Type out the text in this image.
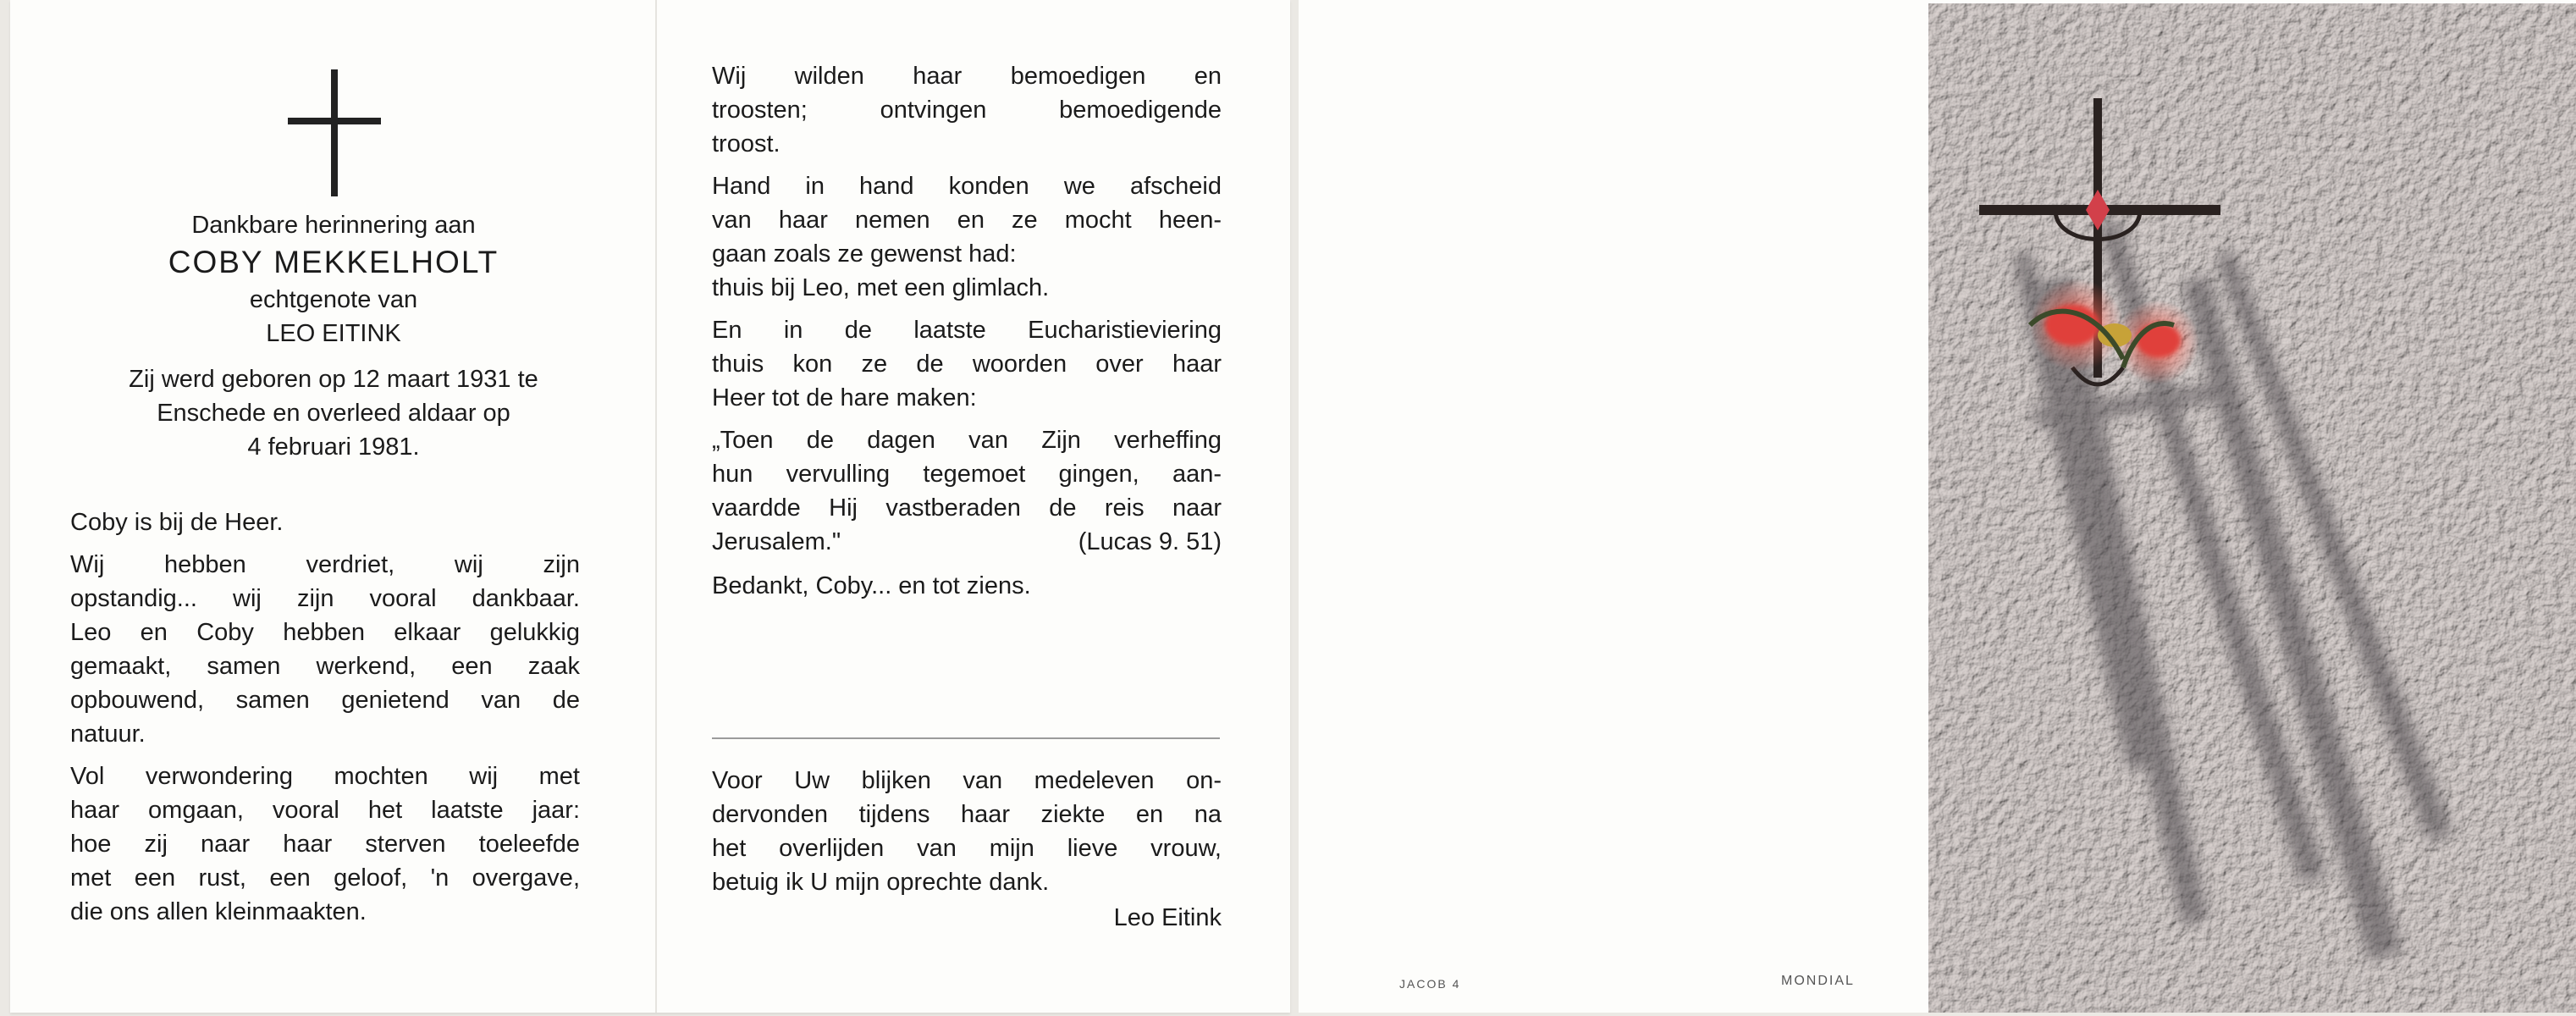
Dankbare herinnering aan
COBY MEKKELHOLT
echtgenote van
LEO EITINK
Zij werd geboren op 12 maart 1931 te
Enschede en overleed aldaar op
4 februari 1981.

Coby is bij de Heer.

Wij hebben verdriet, wij zijn

opstandig... wij zijn vooral dankbaar.

Leo en Coby hebben elkaar gelukkig

gemaakt, samen werkend, een zaak

opbouwend, samen genietend van de

natuur.

Vol verwondering mochten wij met

haar omgaan, vooral het laatste jaar:

hoe zij naar haar sterven toeleefde

met een rust, een geloof, 'n overgave,

die ons allen kleinmaakten.

Wij wilden haar bemoedigen en

troosten; ontvingen bemoedigende

troost.

Hand in hand konden we afscheid

van haar nemen en ze mocht heen-

gaan zoals ze gewenst had:

thuis bij Leo, met een glimlach.

En in de laatste Eucharistieviering

thuis kon ze de woorden over haar

Heer tot de hare maken:

„Toen de dagen van Zijn verheffing

hun vervulling tegemoet gingen, aan-

vaardde Hij vastberaden de reis naar

Jerusalem."	(Lucas 9. 51)
Bedankt, Coby... en tot ziens.

Voor Uw blijken van medeleven on-

dervonden tijdens haar ziekte en na

het overlijden van mijn lieve vrouw,

betuig ik U mijn oprechte dank.

Leo Eitink
JACOB 4	MONDIAL
